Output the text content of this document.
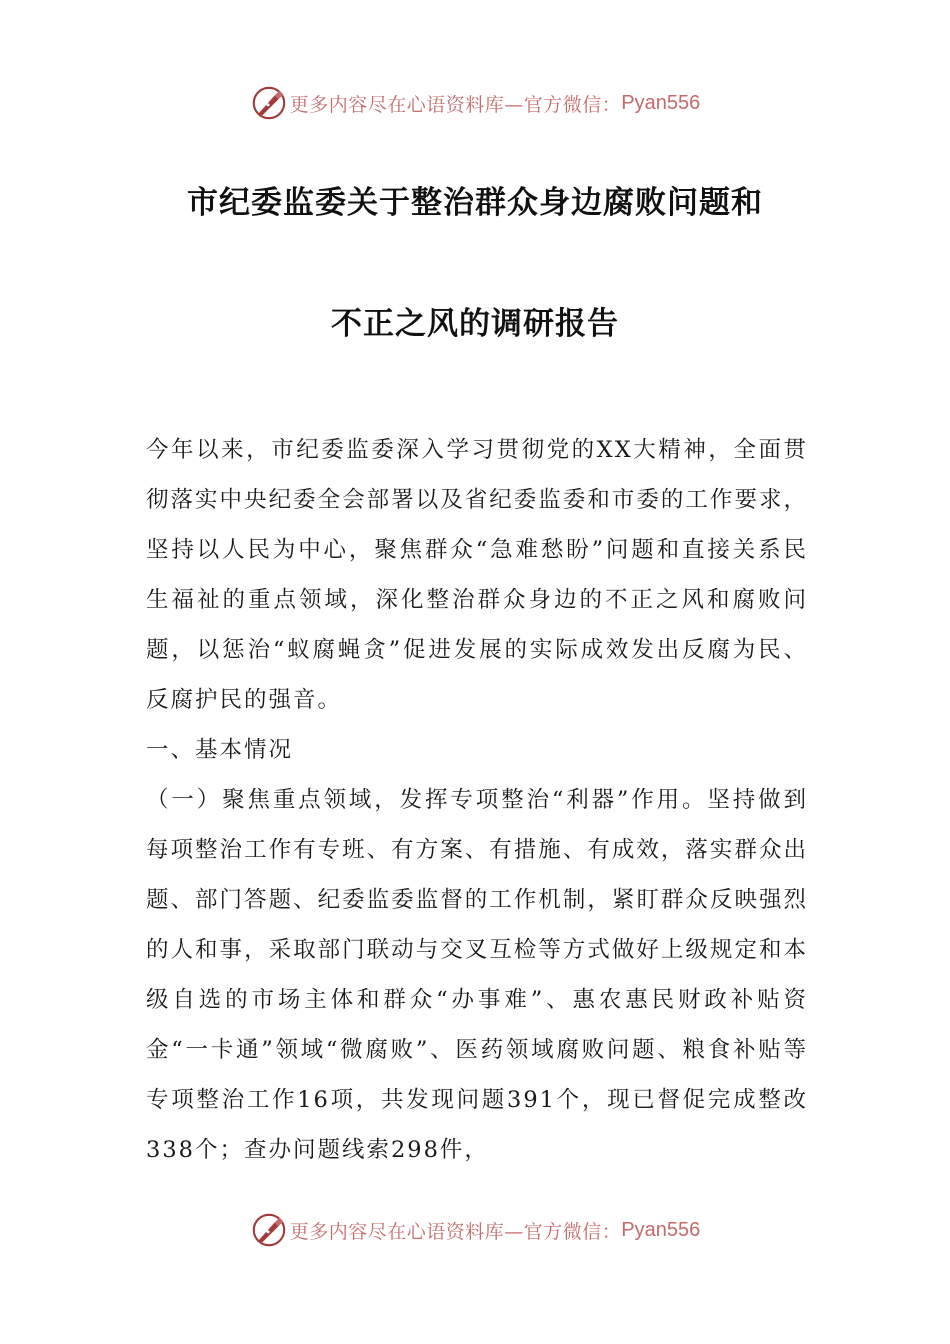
更多内容尽在心语资料库—官方微信： Pyan556
市纪委监委关于整治群众身边腐败问题和
不正之风的调研报告

今年以来，市纪委监委深入学习贯彻党的XX大精神，全面贯彻落实中央纪委全会部署以及省纪委监委和市委的工作要求，坚持以人民为中心，聚焦群众“急难愁盼”问题和直接关系民生福祉的重点领域，深化整治群众身边的不正之风和腐败问题，以惩治“蚁腐蝇贪”促进发展的实际成效发出反腐为民、反腐护民的强音。

一、基本情况

（一）聚焦重点领域，发挥专项整治“利器”作用。坚持做到每项整治工作有专班、有方案、有措施、有成效，落实群众出题、部门答题、纪委监委监督的工作机制，紧盯群众反映强烈的人和事，采取部门联动与交叉互检等方式做好上级规定和本级自选的市场主体和群众“办事难”、惠农惠民财政补贴资金“一卡通”领域“微腐败”、医药领域腐败问题、粮食补贴等专项整治工作16项，共发现问题391个，现已督促完成整改338个；查办问题线索298件，

更多内容尽在心语资料库—官方微信： Pyan556
